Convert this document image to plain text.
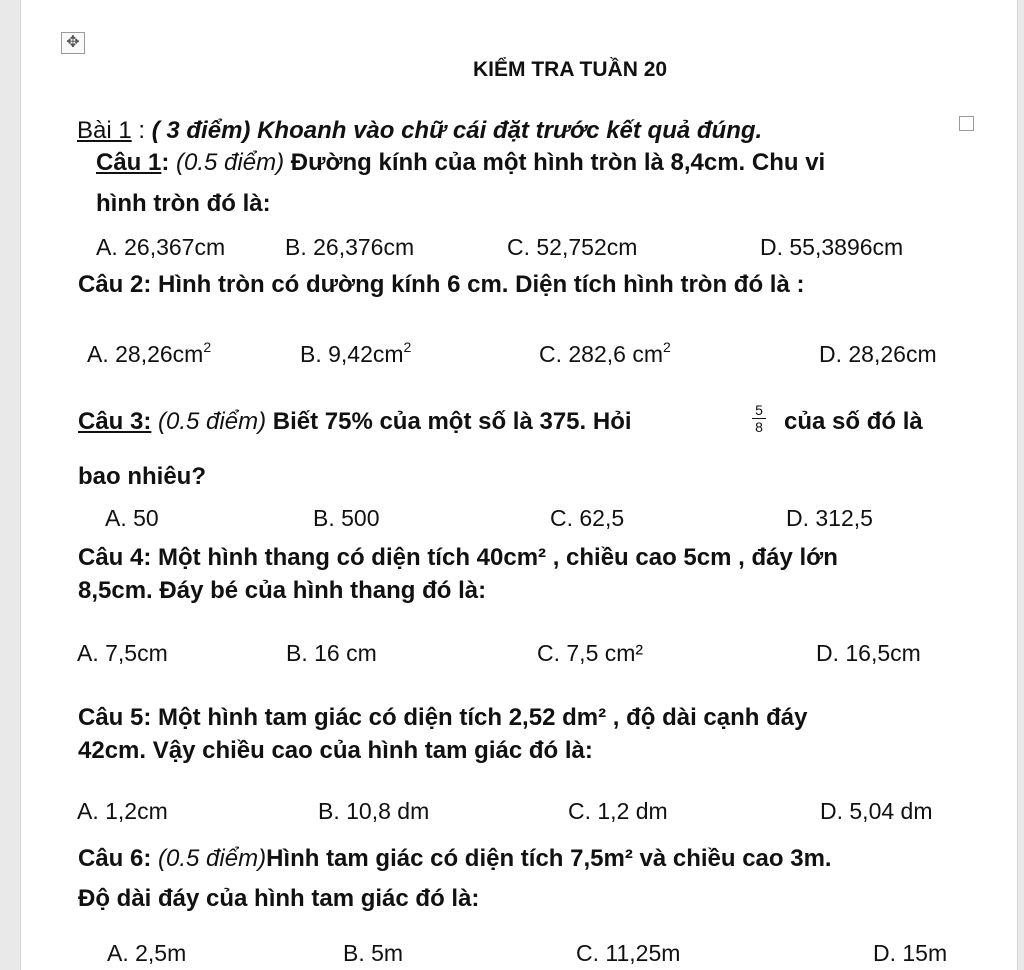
✥
KIỂM TRA TUẦN 20
Bài 1 : ( 3 điểm) Khoanh vào chữ cái đặt trước kết quả đúng.
Câu 1: (0.5 điểm) Đường kính của một hình tròn là 8,4cm. Chu vi
hình tròn đó là:
A. 26,367cm	B. 26,376cm	C. 52,752cm	D. 55,3896cm
Câu 2: Hình tròn có dường kính 6 cm. Diện tích hình tròn đó là :
A. $28,26cm^2$	B. $9,42cm^2$	C. 282,6 $cm^2$	D. 28,26cm
Câu 3: (0.5 điểm) Biết 75% của một số là 375. Hỏi	$\frac{5}{8}$ của số đó là
bao nhiêu?
A. 50	B. 500	C. 62,5	D. 312,5
Câu 4: Một hình thang có diện tích 40cm² , chiều cao 5cm , đáy lớn
8,5cm. Đáy bé của hình thang đó là:
A. 7,5cm	B. 16 cm	C. 7,5 cm²	D. 16,5cm
Câu 5: Một hình tam giác có diện tích 2,52 dm² , độ dài cạnh đáy
42cm. Vậy chiều cao của hình tam giác đó là:
A. 1,2cm	B. 10,8 dm	C. 1,2 dm	D. 5,04 dm
Câu 6: (0.5 điểm)Hình tam giác có diện tích 7,5m² và chiều cao 3m.
Độ dài đáy của hình tam giác đó là:
A. 2,5m	B. 5m	C. 11,25m	D. 15m
